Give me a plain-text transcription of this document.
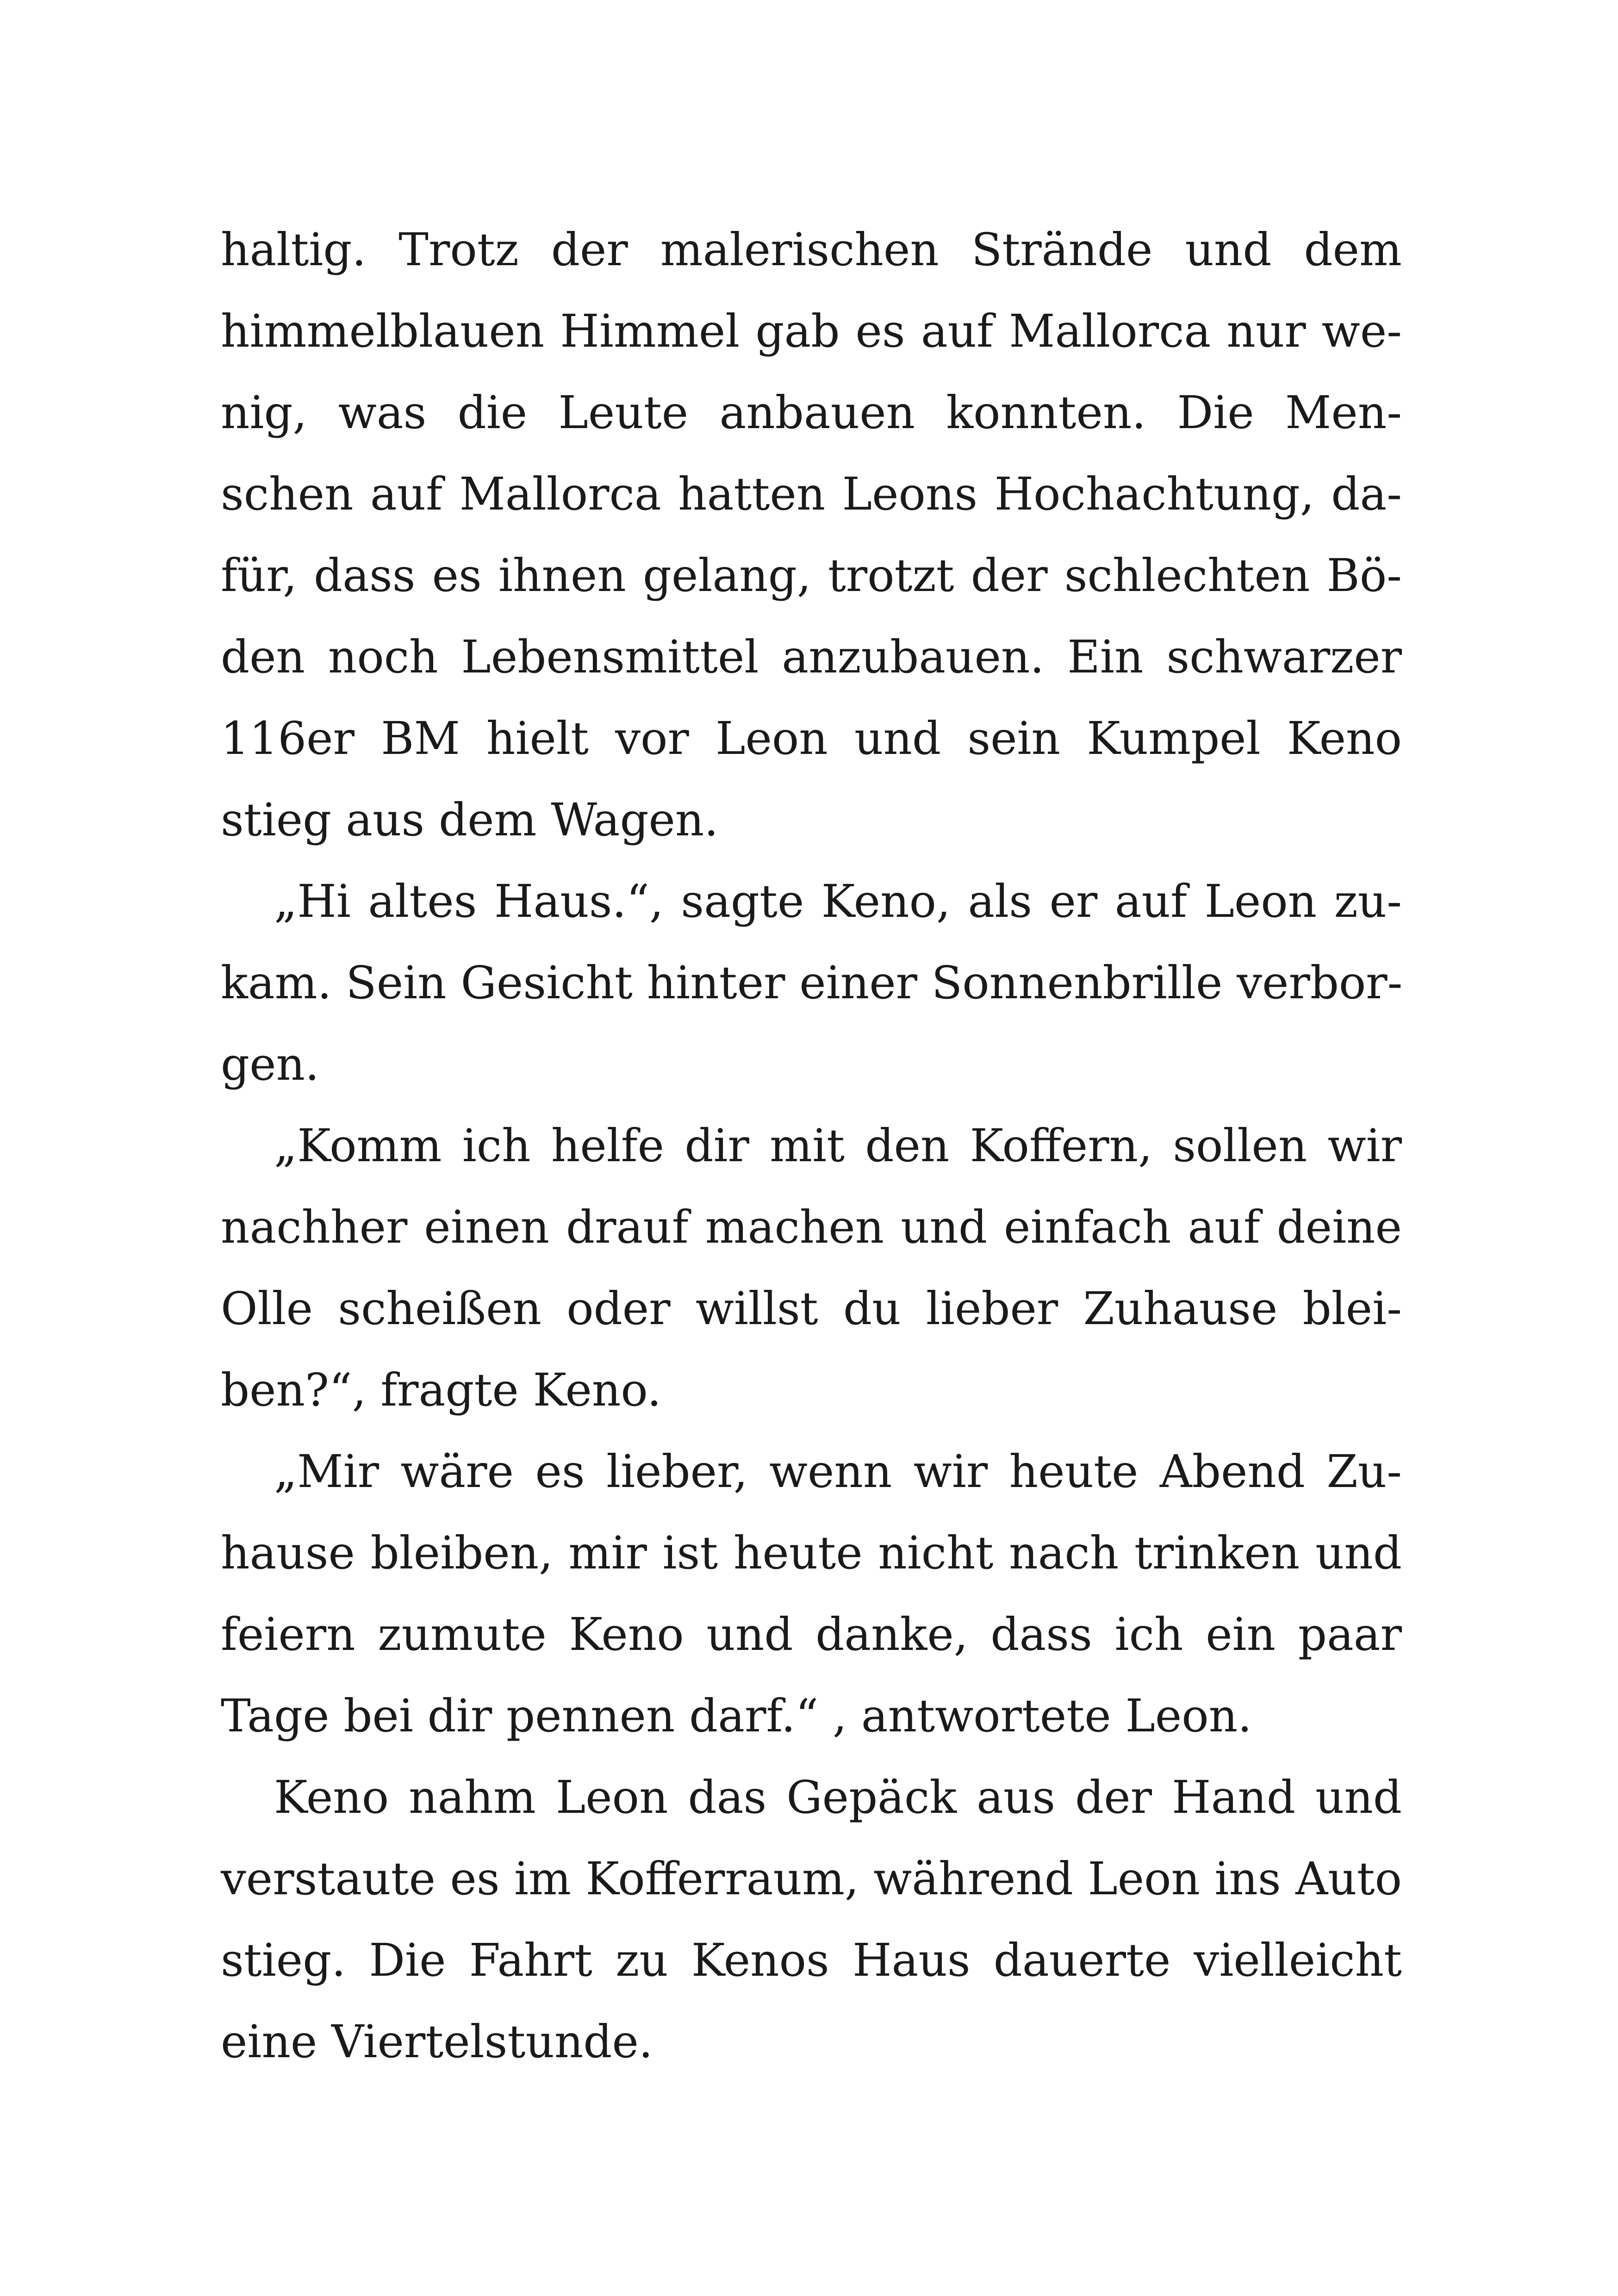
haltig. Trotz der malerischen Strände und dem
himmelblauen Himmel gab es auf Mallorca nur we-
nig, was die Leute anbauen konnten. Die Men-
schen auf Mallorca hatten Leons Hochachtung, da-
für, dass es ihnen gelang, trotzt der schlechten Bö-
den noch Lebensmittel anzubauen. Ein schwarzer
116er BM hielt vor Leon und sein Kumpel Keno
stieg aus dem Wagen.
„Hi altes Haus.“, sagte Keno, als er auf Leon zu-
kam. Sein Gesicht hinter einer Sonnenbrille verbor-
gen.
„Komm ich helfe dir mit den Koffern, sollen wir
nachher einen drauf machen und einfach auf deine
Olle scheißen oder willst du lieber Zuhause blei-
ben?“, fragte Keno.
„Mir wäre es lieber, wenn wir heute Abend Zu-
hause bleiben, mir ist heute nicht nach trinken und
feiern zumute Keno und danke, dass ich ein paar
Tage bei dir pennen darf.“ , antwortete Leon.
Keno nahm Leon das Gepäck aus der Hand und
verstaute es im Kofferraum, während Leon ins Auto
stieg. Die Fahrt zu Kenos Haus dauerte vielleicht
eine Viertelstunde.
